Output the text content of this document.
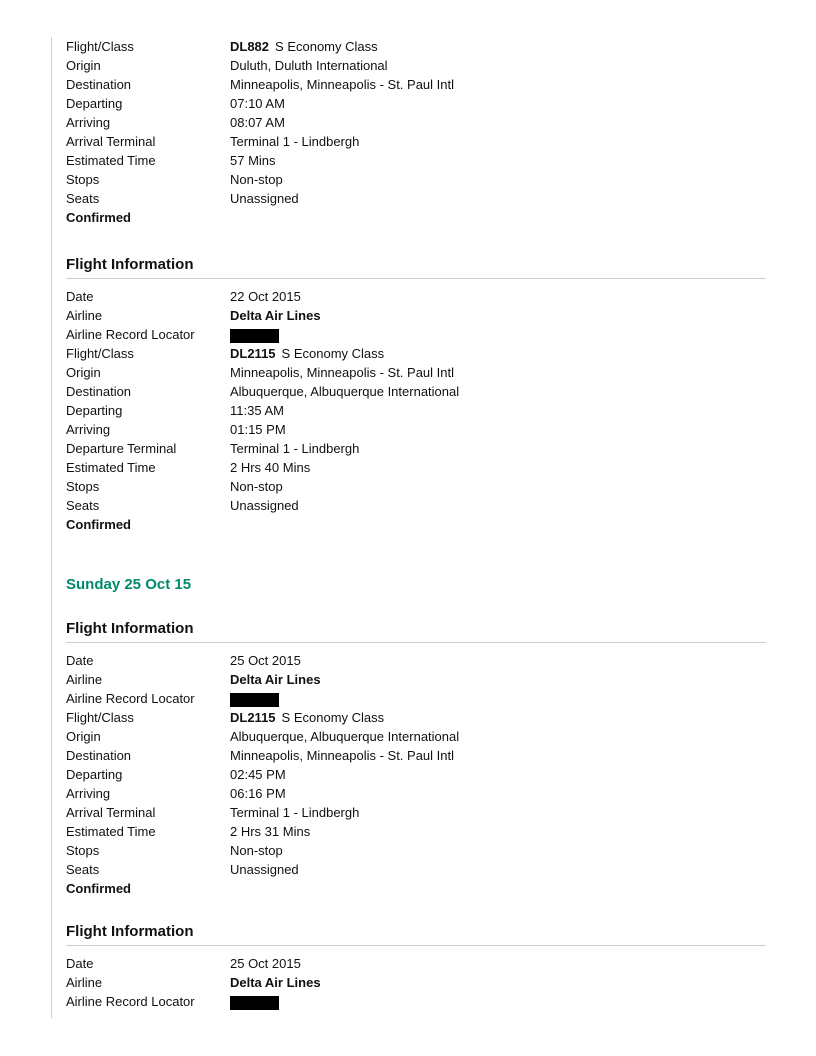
Flight/Class	DL882 S Economy Class
Origin	Duluth, Duluth International
Destination	Minneapolis, Minneapolis - St. Paul Intl
Departing	07:10 AM
Arriving	08:07 AM
Arrival Terminal	Terminal 1 - Lindbergh
Estimated Time	57 Mins
Stops	Non-stop
Seats	Unassigned
Confirmed
Flight Information
Date	22 Oct 2015
Airline	Delta Air Lines
Airline Record Locator
Flight/Class	DL2115 S Economy Class
Origin	Minneapolis, Minneapolis - St. Paul Intl
Destination	Albuquerque, Albuquerque International
Departing	11:35 AM
Arriving	01:15 PM
Departure Terminal	Terminal 1 - Lindbergh
Estimated Time	2 Hrs 40 Mins
Stops	Non-stop
Seats	Unassigned
Confirmed
Sunday 25 Oct 15
Flight Information
Date	25 Oct 2015
Airline	Delta Air Lines
Airline Record Locator
Flight/Class	DL2115 S Economy Class
Origin	Albuquerque, Albuquerque International
Destination	Minneapolis, Minneapolis - St. Paul Intl
Departing	02:45 PM
Arriving	06:16 PM
Arrival Terminal	Terminal 1 - Lindbergh
Estimated Time	2 Hrs 31 Mins
Stops	Non-stop
Seats	Unassigned
Confirmed
Flight Information
Date	25 Oct 2015
Airline	Delta Air Lines
Airline Record Locator
